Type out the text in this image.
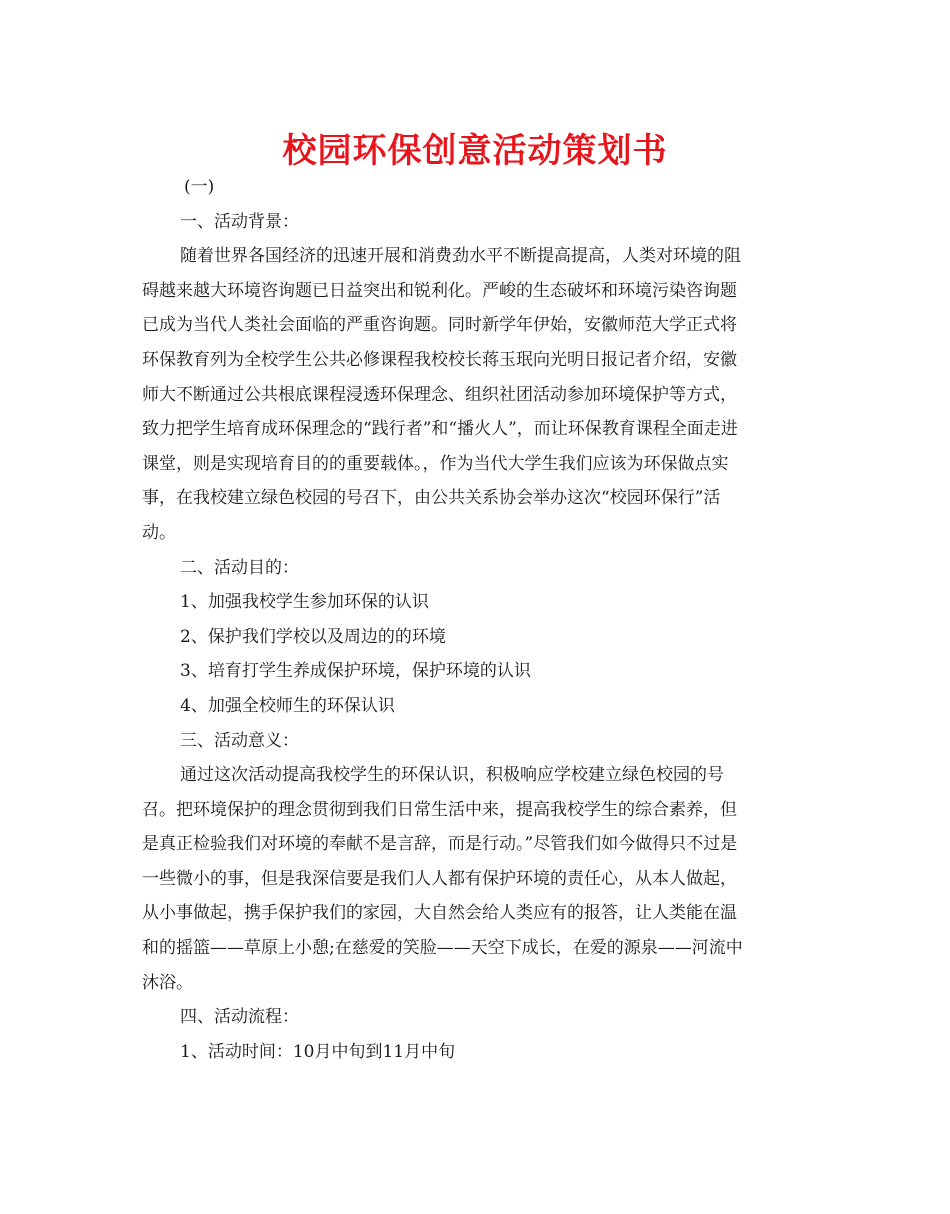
校园环保创意活动策划书
(一)
一、活动背景：
随着世界各国经济的迅速开展和消费劲水平不断提高提高，人类对环境的阻
碍越来越大环境咨询题已日益突出和锐利化。严峻的生态破坏和环境污染咨询题
已成为当代人类社会面临的严重咨询题。同时新学年伊始，安徽师范大学正式将
环保教育列为全校学生公共必修课程我校校长蒋玉珉向光明日报记者介绍，安徽
师大不断通过公共根底课程浸透环保理念、组织社团活动参加环境保护等方式，
致力把学生培育成环保理念的“践行者”和“播火人”，而让环保教育课程全面走进
课堂，则是实现培育目的的重要载体。，作为当代大学生我们应该为环保做点实
事，在我校建立绿色校园的号召下，由公共关系协会举办这次“校园环保行”活
动。
二、活动目的：
1、加强我校学生参加环保的认识
2、保护我们学校以及周边的的环境
3、培育打学生养成保护环境，保护环境的认识
4、加强全校师生的环保认识
三、活动意义：
通过这次活动提高我校学生的环保认识，积极响应学校建立绿色校园的号
召。把环境保护的理念贯彻到我们日常生活中来，提高我校学生的综合素养，但
是真正检验我们对环境的奉献不是言辞，而是行动。”尽管我们如今做得只不过是
一些微小的事，但是我深信要是我们人人都有保护环境的责任心，从本人做起，
从小事做起，携手保护我们的家园，大自然会给人类应有的报答，让人类能在温
和的摇篮——草原上小憩;在慈爱的笑脸——天空下成长，在爱的源泉——河流中
沐浴。
四、活动流程：
1、活动时间：10月中旬到11月中旬
